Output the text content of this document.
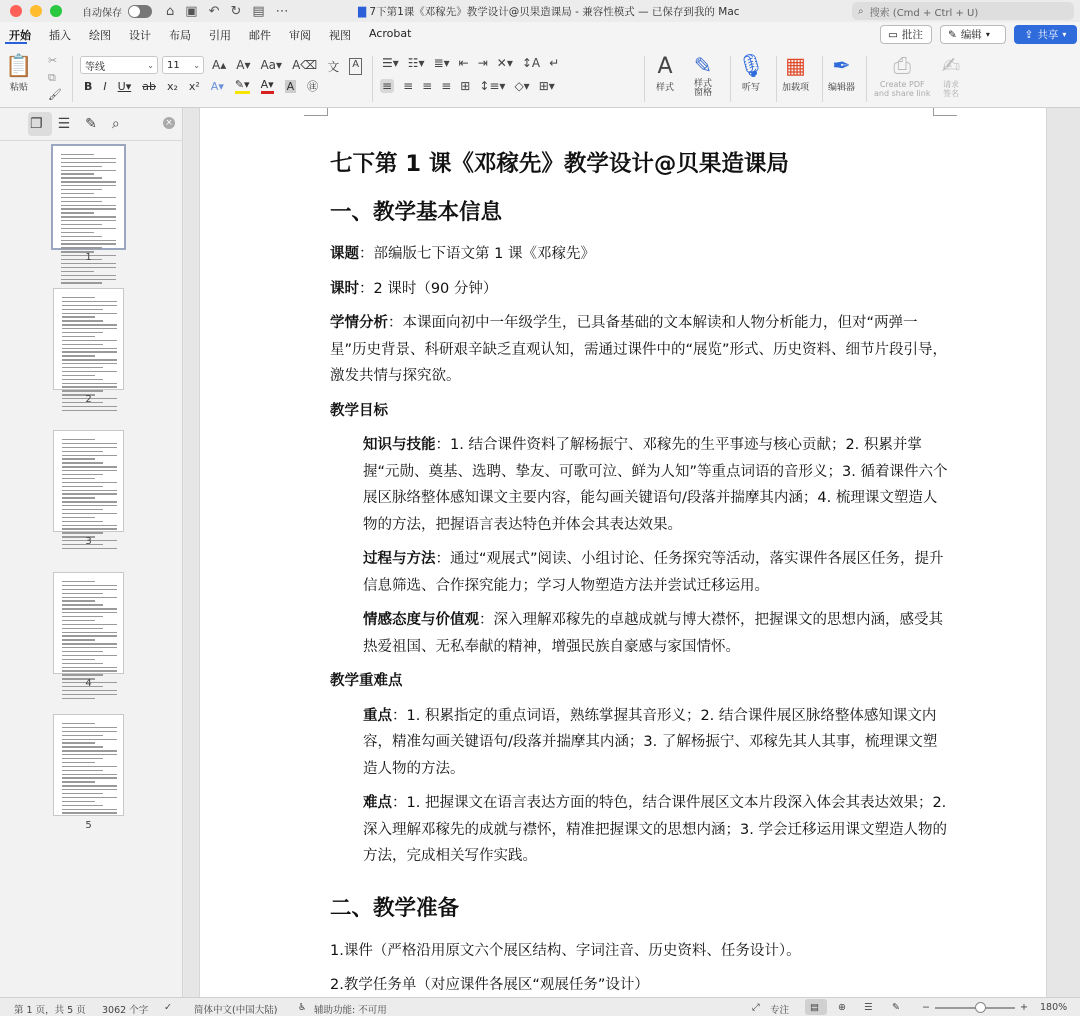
自动保存	⌂ ▣ ↶ ↻ ▤ ⋯	▇ 7下第1课《邓稼先》教学设计@贝果造课局 - 兼容性模式 — 已保存到我的 Mac	⌕ 搜索 (Cmd + Ctrl + U)
开始	插入	绘图	设计	布局	引用	邮件	审阅	视图	Acrobat	▭ 批注 ✎ 编辑 ▾	⇪ 共享 ▾
📋
粘贴
✂
⧉
🖌
等线	⌄ 11 ⌄ A▴ A▾ Aa▾ A⌫ 文	A
B I U▾ ab x₂ x² A▾ ✎▾ A▾ A ㊟
☰▾ ☷▾ ≣▾ ⇤ ⇥ ✕▾ ↕A ↵
≡ ≡ ≡ ≡ ⊞ ↕≡▾ ◇▾ ⊞▾
A
样式
✎
样式
窗格
🎙
听写
▦
加载项
✒
编辑器
⎙
Create PDF
and share link
✍
请求
签名
❐ ☰ ✎ ⌕	×
1
2
3
4
5
七下第 1 课《邓稼先》教学设计@贝果造课局
一、教学基本信息
课题：部编版七下语文第 1 课《邓稼先》
课时：2 课时（90 分钟）
学情分析：本课面向初中一年级学生，已具备基础的文本解读和人物分析能力，但对“两弹一星”历史背景、科研艰辛缺乏直观认知，需通过课件中的“展览”形式、历史资料、细节片段引导，激发共情与探究欲。
教学目标
知识与技能：1. 结合课件资料了解杨振宁、邓稼先的生平事迹与核心贡献；2. 积累并掌握“元勋、奠基、选聘、挚友、可歌可泣、鲜为人知”等重点词语的音形义；3. 循着课件六个展区脉络整体感知课文主要内容，能勾画关键语句/段落并揣摩其内涵；4. 梳理课文塑造人物的方法，把握语言表达特色并体会其表达效果。
过程与方法：通过“观展式”阅读、小组讨论、任务探究等活动，落实课件各展区任务，提升信息筛选、合作探究能力；学习人物塑造方法并尝试迁移运用。
情感态度与价值观：深入理解邓稼先的卓越成就与博大襟怀，把握课文的思想内涵，感受其热爱祖国、无私奉献的精神，增强民族自豪感与家国情怀。
教学重难点
重点：1. 积累指定的重点词语，熟练掌握其音形义；2. 结合课件展区脉络整体感知课文内容，精准勾画关键语句/段落并揣摩其内涵；3. 了解杨振宁、邓稼先其人其事，梳理课文塑造人物的方法。
难点：1. 把握课文在语言表达方面的特色，结合课件展区文本片段深入体会其表达效果；2. 深入理解邓稼先的成就与襟怀，精准把握课文的思想内涵；3. 学会迁移运用课文塑造人物的方法，完成相关写作实践。
二、教学准备
1.课件（严格沿用原文六个展区结构、字词注音、历史资料、任务设计）。
2.教学任务单（对应课件各展区“观展任务”设计）
第 1 页，共 5 页 3062 个字 ✓ 简体中文(中国大陆) ♿ 辅助功能: 不可用	⤢ 专注 ▤ ⊕ ☰ ✎ −	+ 180%
